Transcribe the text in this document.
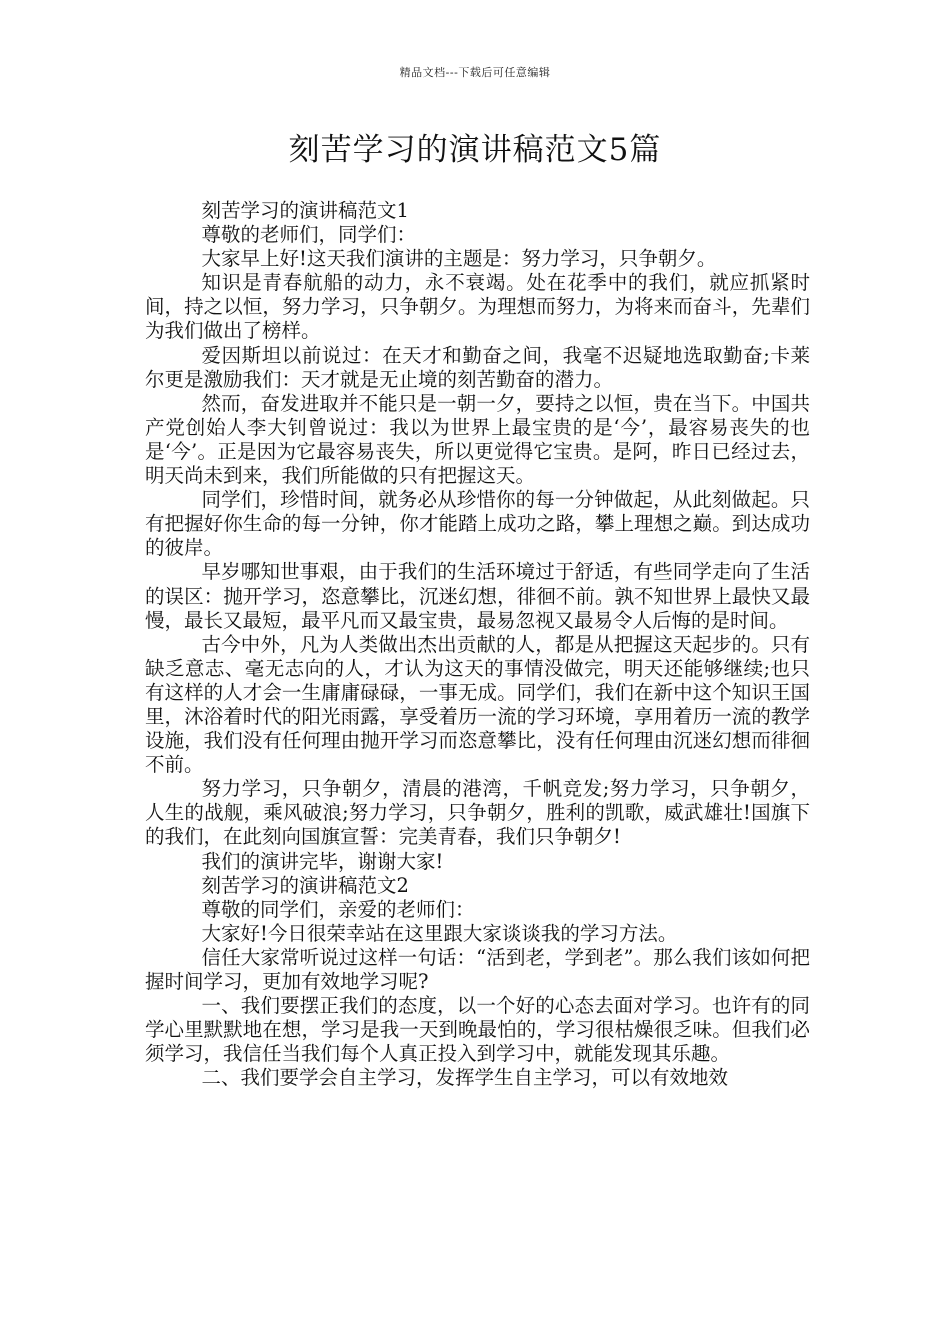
精品文档---下载后可任意编辑
刻苦学习的演讲稿范文5篇

刻苦学习的演讲稿范文1

尊敬的老师们，同学们：

大家早上好!这天我们演讲的主题是：努力学习，只争朝夕。

知识是青春航船的动力，永不衰竭。处在花季中的我们，就应抓紧时间，持之以恒，努力学习，只争朝夕。为理想而努力，为将来而奋斗，先辈们为我们做出了榜样。

爱因斯坦以前说过：在天才和勤奋之间，我毫不迟疑地选取勤奋;卡莱尔更是激励我们：天才就是无止境的刻苦勤奋的潜力。

然而，奋发进取并不能只是一朝一夕，要持之以恒，贵在当下。中国共产党创始人李大钊曾说过：我以为世界上最宝贵的是‘今’，最容易丧失的也是‘今’。正是因为它最容易丧失，所以更觉得它宝贵。是阿，昨日已经过去，明天尚未到来，我们所能做的只有把握这天。

同学们，珍惜时间，就务必从珍惜你的每一分钟做起，从此刻做起。只有把握好你生命的每一分钟，你才能踏上成功之路，攀上理想之巅。到达成功的彼岸。

早岁哪知世事艰，由于我们的生活环境过于舒适，有些同学走向了生活的误区：抛开学习，恣意攀比，沉迷幻想，徘徊不前。孰不知世界上最快又最慢，最长又最短，最平凡而又最宝贵，最易忽视又最易令人后悔的是时间。

古今中外，凡为人类做出杰出贡献的人，都是从把握这天起步的。只有缺乏意志、毫无志向的人，才认为这天的事情没做完，明天还能够继续;也只有这样的人才会一生庸庸碌碌，一事无成。同学们，我们在新中这个知识王国里，沐浴着时代的阳光雨露，享受着历一流的学习环境，享用着历一流的教学设施，我们没有任何理由抛开学习而恣意攀比，没有任何理由沉迷幻想而徘徊不前。

努力学习，只争朝夕，清晨的港湾，千帆竞发;努力学习，只争朝夕，人生的战舰，乘风破浪;努力学习，只争朝夕，胜利的凯歌，威武雄壮!国旗下的我们，在此刻向国旗宣誓：完美青春，我们只争朝夕!

我们的演讲完毕，谢谢大家!

刻苦学习的演讲稿范文2

尊敬的同学们，亲爱的老师们：

大家好!今日很荣幸站在这里跟大家谈谈我的学习方法。

信任大家常听说过这样一句话：“活到老，学到老”。那么我们该如何把握时间学习，更加有效地学习呢?

一、我们要摆正我们的态度，以一个好的心态去面对学习。也许有的同学心里默默地在想，学习是我一天到晚最怕的，学习很枯燥很乏味。但我们必须学习，我信任当我们每个人真正投入到学习中，就能发现其乐趣。

二、我们要学会自主学习，发挥学生自主学习，可以有效地效
